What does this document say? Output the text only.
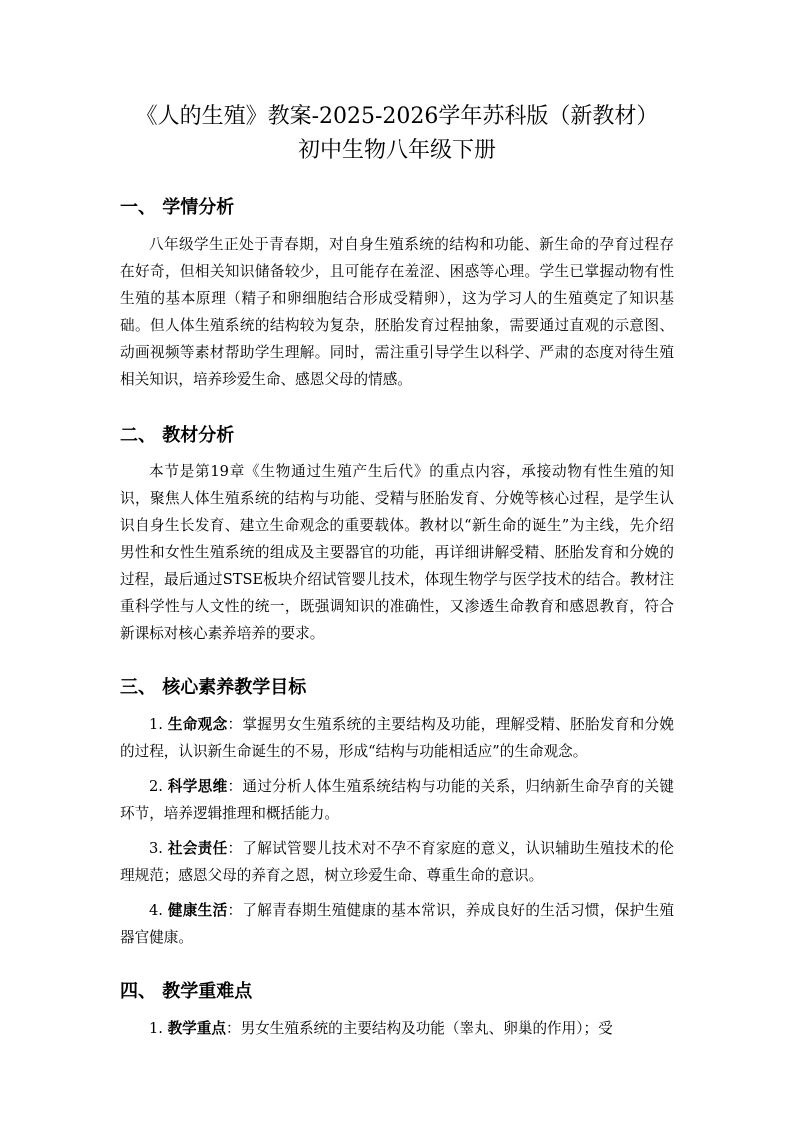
《人的生殖》教案-2025-2026学年苏科版（新教材）
初中生物八年级下册
一、 学情分析

八年级学生正处于青春期，对自身生殖系统的结构和功能、新生命的孕育过程存在好奇，但相关知识储备较少，且可能存在羞涩、困惑等心理。学生已掌握动物有性生殖的基本原理（精子和卵细胞结合形成受精卵），这为学习人的生殖奠定了知识基础。但人体生殖系统的结构较为复杂，胚胎发育过程抽象，需要通过直观的示意图、动画视频等素材帮助学生理解。同时，需注重引导学生以科学、严肃的态度对待生殖相关知识，培养珍爱生命、感恩父母的情感。

二、 教材分析

本节是第19章《生物通过生殖产生后代》的重点内容，承接动物有性生殖的知识，聚焦人体生殖系统的结构与功能、受精与胚胎发育、分娩等核心过程，是学生认识自身生长发育、建立生命观念的重要载体。教材以“新生命的诞生”为主线，先介绍男性和女性生殖系统的组成及主要器官的功能，再详细讲解受精、胚胎发育和分娩的过程，最后通过STSE板块介绍试管婴儿技术，体现生物学与医学技术的结合。教材注重科学性与人文性的统一，既强调知识的准确性，又渗透生命教育和感恩教育，符合新课标对核心素养培养的要求。

三、 核心素养教学目标

1. 生命观念：掌握男女生殖系统的主要结构及功能，理解受精、胚胎发育和分娩的过程，认识新生命诞生的不易，形成“结构与功能相适应”的生命观念。

2. 科学思维：通过分析人体生殖系统结构与功能的关系，归纳新生命孕育的关键环节，培养逻辑推理和概括能力。

3. 社会责任：了解试管婴儿技术对不孕不育家庭的意义，认识辅助生殖技术的伦理规范；感恩父母的养育之恩，树立珍爱生命、尊重生命的意识。

4. 健康生活：了解青春期生殖健康的基本常识，养成良好的生活习惯，保护生殖器官健康。

四、 教学重难点

1. 教学重点：男女生殖系统的主要结构及功能（睾丸、卵巢的作用）；受
